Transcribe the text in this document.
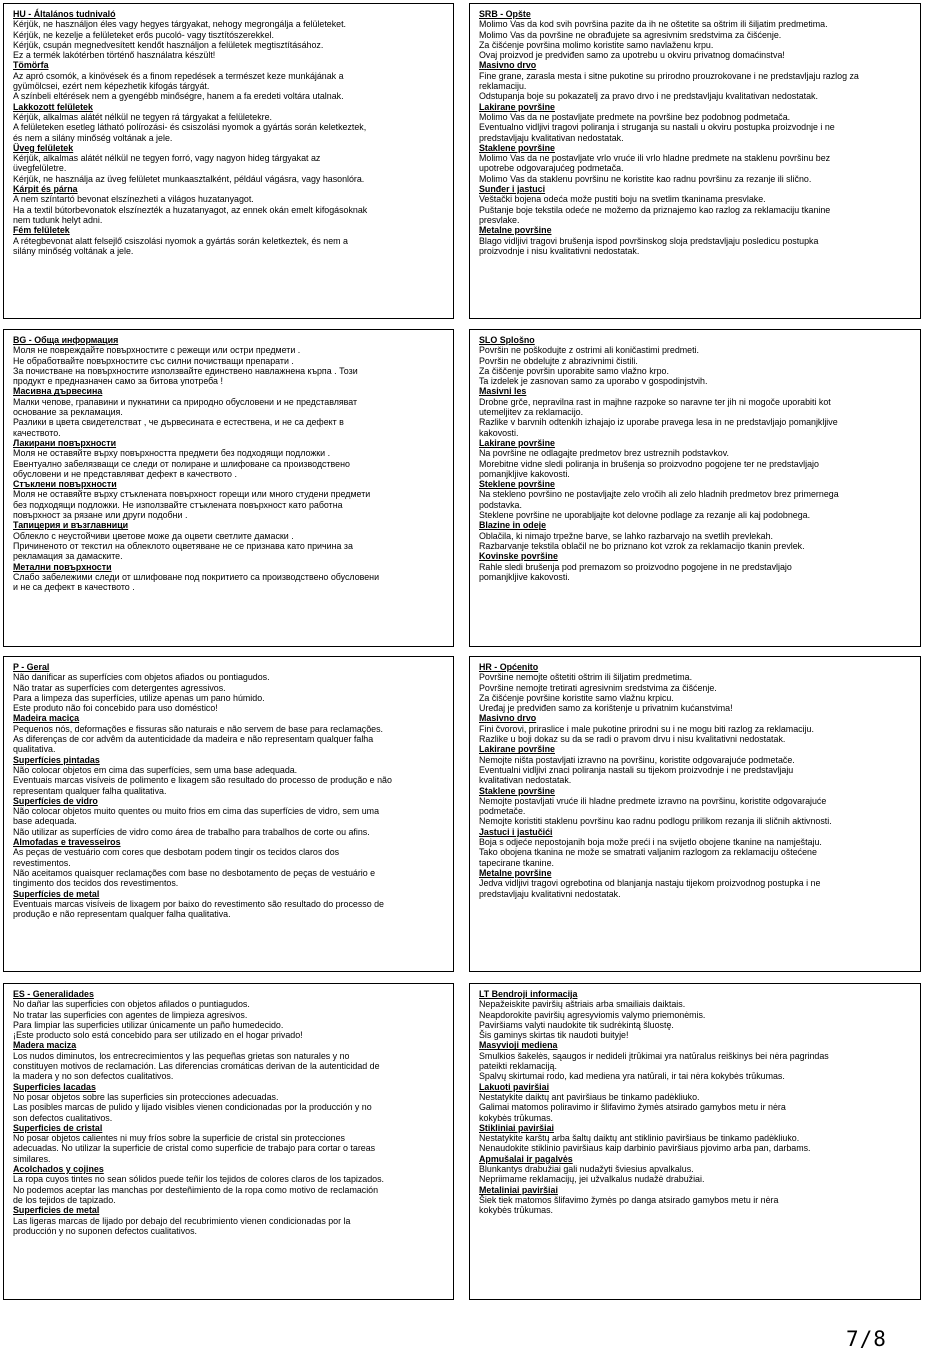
HU - Általános tudnivaló
Kérjük, ne használjon éles vagy hegyes tárgyakat, nehogy megrongálja a felületeket.
Kérjük, ne kezelje a felületeket erős pucoló- vagy tisztítószerekkel.
Kérjük, csupán megnedvesített kendőt használjon a felületek megtisztításához.
Ez a termék lakótérben történő használatra készült!
Tömörfa
Az apró csomók, a kinövések és a finom repedések a természet keze munkájának a
gyümölcsei, ezért nem képezhetik kifogás tárgyát.
A színbeli eltérések nem a gyengébb minőségre, hanem a fa eredeti voltára utalnak.
Lakkozott felületek
Kérjük, alkalmas alátét nélkül ne tegyen rá tárgyakat a felületekre.
A felületeken esetleg látható polírozási- és csiszolási nyomok a gyártás során keletkeztek,
és nem a silány minőség voltának a jele.
Üveg felületek
Kérjük, alkalmas alátét nélkül ne tegyen forró, vagy nagyon hideg tárgyakat az
üvegfelületre.
Kérjük, ne használja az üveg felületet munkaasztalként, például vágásra, vagy hasonlóra.
Kárpit és párna
A nem színtartó bevonat elszínezheti a világos huzatanyagot.
Ha a textil bútorbevonatok elszínezték a huzatanyagot, az ennek okán emelt kifogásoknak
nem tudunk helyt adni.
Fém felületek
A rétegbevonat alatt felsejlő csiszolási nyomok a gyártás során keletkeztek, és nem a
silány minőség voltának a jele.
SRB - Opšte
Molimo Vas da kod svih površina pazite da ih ne oštetite sa oštrim ili šiljatim predmetima.
Molimo Vas da površine ne obrađujete sa agresivnim sredstvima za čišćenje.
Za čišćenje površina molimo koristite samo navlaženu krpu.
Ovaj proizvod je predviđen samo za upotrebu u okviru privatnog domaćinstva!
Masivno drvo
Fine grane, zarasla mesta i sitne pukotine su prirodno prouzrokovane i ne predstavljaju razlog za
reklamaciju.
Odstupanja boje su pokazatelj za pravo drvo i ne predstavljaju kvalitativan nedostatak.
Lakirane površine
Molimo Vas da ne postavljate predmete na površine bez podobnog podmetača.
Eventualno vidljivi tragovi poliranja i struganja su nastali u okviru postupka proizvodnje i ne
predstavljaju kvalitativan nedostatak.
Staklene površine
Molimo Vas da ne postavljate vrlo vruće ili vrlo hladne predmete na staklenu površinu bez
upotrebe odgovarajućeg podmetača.
Molimo Vas da staklenu površinu ne koristite kao radnu površinu za rezanje ili slično.
Sunđer i jastuci
Veštački bojena odeća može pustiti boju na svetlim tkaninama presvlake.
Puštanje boje tekstila odeće ne možemo da priznajemo kao razlog za reklamaciju tkanine
presvlake.
Metalne površine
Blago vidljivi tragovi brušenja ispod površinskog sloja predstavljaju posledicu postupka
proizvodnje i nisu kvalitativni nedostatak.
BG - Обща информация
Моля не повреждайте повърхностите с режещи или остри предмети .
Не обработвайте повърхностите със силни почистващи препарати .
За почистване на повърхностите използвайте единствено навлажнена кърпа . Този
продукт е предназначен само за битова употреба !
Масивна дървесина
Малки чепове, грапавини и пукнатини са природно обусловени и не представляват
основание за рекламация.
Разлики в цвета свидетелстват , че дървесината е естествена, и не са дефект в
качеството.
Лакирани повърхности
Моля не оставяйте върху повърхността предмети без подходящи подложки .
Евентуално забелязващи се следи от полиране и шлифоване са производствено
обусловени и не представляват дефект в качеството .
Стъклени повърхности
Моля не оставяйте върху стъклената повърхност горещи или много студени предмети
без подходящи подложки. Не използвайте стъклената повърхност като работна
повърхност за рязане или други подобни .
Тапицерия и възглавници
Облекло с неустойчиви цветове може да оцвети светлите дамаски .
Причиненото от текстил на облеклото оцветяване не се признава като причина за
рекламация за дамаските.
Метални повърхности
Слабо забележими следи от шлифоване под покритието са производствено обусловени
и не са дефект в качеството .
SLO Splošno
Površin ne poškodujte z ostrimi ali koničastimi predmeti.
Površin ne obdelujte z abrazivnimi čistili.
Za čiščenje površin uporabite samo vlažno krpo.
Ta izdelek je zasnovan samo za uporabo v gospodinjstvih.
Masivni les
Drobne grče, nepravilna rast in majhne razpoke so naravne ter jih ni mogoče uporabiti kot
utemeljitev za reklamacijo.
Razlike v barvnih odtenkih izhajajo iz uporabe pravega lesa in ne predstavljajo pomanjkljive
kakovosti.
Lakirane površine
Na površine ne odlagajte predmetov brez ustreznih podstavkov.
Morebitne vidne sledi poliranja in brušenja so proizvodno pogojene ter ne predstavljajo
pomanjkljive kakovosti.
Steklene površine
Na stekleno površino ne postavljajte zelo vročih ali zelo hladnih predmetov brez primernega
podstavka.
Steklene površine ne uporabljajte kot delovne podlage za rezanje ali kaj podobnega.
Blazine in odeje
Oblačila, ki nimajo trpežne barve, se lahko razbarvajo na svetlih prevlekah.
Razbarvanje tekstila oblačil ne bo priznano kot vzrok za reklamacijo tkanin prevlek.
Kovinske površine
Rahle sledi brušenja pod premazom so proizvodno pogojene in ne predstavljajo
pomanjkljive kakovosti.
P - Geral
Não danificar as superfícies com objetos afiados ou pontiagudos.
Não tratar as superfícies com detergentes agressivos.
Para a limpeza das superfícies, utilize apenas um pano húmido.
Este produto não foi concebido para uso doméstico!
Madeira maciça
Pequenos nós, deformações e fissuras são naturais e não servem de base para reclamações.
As diferenças de cor advêm da autenticidade da madeira e não representam qualquer falha
qualitativa.
Superfícies pintadas
Não colocar objetos em cima das superfícies, sem uma base adequada.
Eventuais marcas visíveis de polimento e lixagem são resultado do processo de produção e não
representam qualquer falha qualitativa.
Superfícies de vidro
Não colocar objetos muito quentes ou muito frios em cima das superfícies de vidro, sem uma
base adequada.
Não utilizar as superfícies de vidro como área de trabalho para trabalhos de corte ou afins.
Almofadas e travesseiros
As peças de vestuário com cores que desbotam podem tingir os tecidos claros dos
revestimentos.
Não aceitamos quaisquer reclamações com base no desbotamento de peças de vestuário e
tingimento dos tecidos dos revestimentos.
Superfícies de metal
Eventuais marcas visíveis de lixagem por baixo do revestimento são resultado do processo de
produção e não representam qualquer falha qualitativa.
HR - Općenito
Površine nemojte oštetiti oštrim ili šiljatim predmetima.
Površine nemojte tretirati agresivnim sredstvima za čišćenje.
Za čišćenje površine koristite samo vlažnu krpicu.
Uređaj je predviđen samo za korištenje u privatnim kućanstvima!
Masivno drvo
Fini čvorovi, priraslice i male pukotine prirodni su i ne mogu biti razlog za reklamaciju.
Razlike u boji dokaz su da se radi o pravom drvu i nisu kvalitativni nedostatak.
Lakirane površine
Nemojte ništa postavljati izravno na površinu, koristite odgovarajuće podmetače.
Eventualni vidljivi znaci poliranja nastali su tijekom proizvodnje i ne predstavljaju
kvalitativan nedostatak.
Staklene površine
Nemojte postavljati vruće ili hladne predmete izravno na površinu, koristite odgovarajuće
podmetače.
Nemojte koristiti staklenu površinu kao radnu podlogu prilikom rezanja ili sličnih aktivnosti.
Jastuci i jastučići
Boja s odjeće nepostojanih boja može preći i na svijetlo obojene tkanine na namještaju.
Tako obojena tkanina ne može se smatrati valjanim razlogom za reklamaciju oštećene
tapecirane tkanine.
Metalne površine
Jedva vidljivi tragovi ogrebotina od blanjanja nastaju tijekom proizvodnog postupka i ne
predstavljaju kvalitativni nedostatak.
ES - Generalidades
No dañar las superficies con objetos afilados o puntiagudos.
No tratar las superficies con agentes de limpieza agresivos.
Para limpiar las superficies utilizar únicamente un paño humedecido.
¡Este producto solo está concebido para ser utilizado en el hogar privado!
Madera maciza
Los nudos diminutos, los entrecrecimientos y las pequeñas grietas son naturales y no
constituyen motivos de reclamación. Las diferencias cromáticas derivan de la autenticidad de
la madera y no son defectos cualitativos.
Superficies lacadas
No posar objetos sobre las superficies sin protecciones adecuadas.
Las posibles marcas de pulido y lijado visibles vienen condicionadas por la producción y no
son defectos cualitativos.
Superficies de cristal
No posar objetos calientes ni muy fríos sobre la superficie de cristal sin protecciones
adecuadas. No utilizar la superficie de cristal como superficie de trabajo para cortar o tareas
similares.
Acolchados y cojines
La ropa cuyos tintes no sean sólidos puede teñir los tejidos de colores claros de los tapizados.
No podemos aceptar las manchas por desteñimiento de la ropa como motivo de reclamación
de los tejidos de tapizado.
Superficies de metal
Las ligeras marcas de lijado por debajo del recubrimiento vienen condicionadas por la
producción y no suponen defectos cualitativos.
LT Bendroji informacija
Nepažeiskite paviršių aštriais arba smailiais daiktais.
Neapdorokite paviršių agresyviomis valymo priemonėmis.
Paviršiams valyti naudokite tik sudrėkintą šluostę.
Šis gaminys skirtas tik naudoti buityje!
Masyvioji mediena
Smulkios šakelės, sąaugos ir nedideli įtrūkimai yra natūralus reiškinys bei nėra pagrindas
pateikti reklamaciją.
Spalvų skirtumai rodo, kad mediena yra natūrali, ir tai nėra kokybės trūkumas.
Lakuoti paviršiai
Nestatykite daiktų ant paviršiaus be tinkamo padėkliuko.
Galimai matomos poliravimo ir šlifavimo žymės atsirado gamybos metu ir nėra
kokybės trūkumas.
Stikliniai paviršiai
Nestatykite karštų arba šaltų daiktų ant stiklinio paviršiaus be tinkamo padėkliuko.
Nenaudokite stiklinio paviršiaus kaip darbinio paviršiaus pjovimo arba pan, darbams.
Apmušalai ir pagalvės
Blunkantys drabužiai gali nudažyti šviesius apvalkalus.
Nepriimame reklamacijų, jei užvalkalus nudažė drabužiai.
Metaliniai paviršiai
Šiek tiek matomos šlifavimo žymės po danga atsirado gamybos metu ir nėra
kokybės trūkumas.
7/8
